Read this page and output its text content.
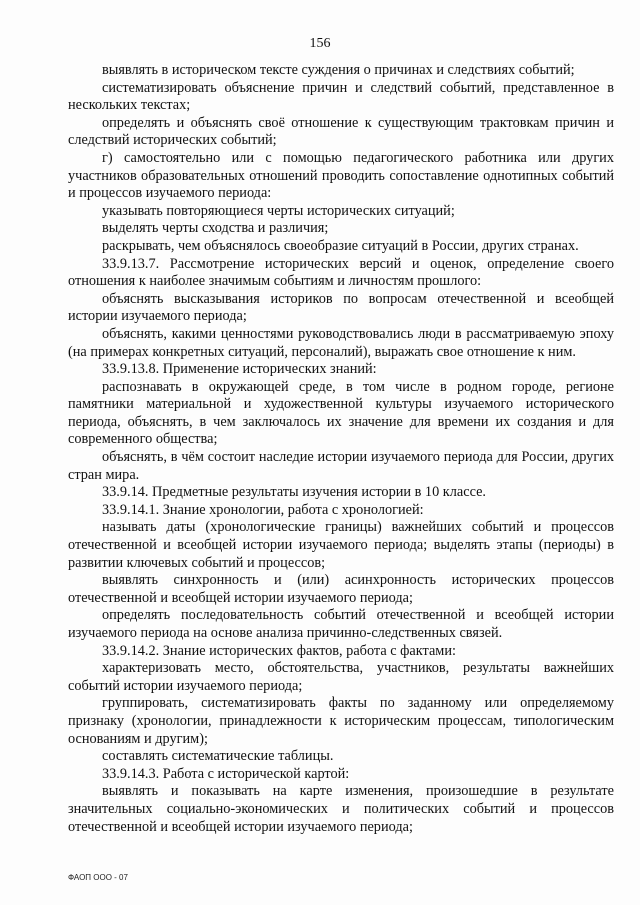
156

выявлять в историческом тексте суждения о причинах и следствиях событий;

систематизировать объяснение причин и следствий событий, представленное в нескольких текстах;

определять и объяснять своё отношение к существующим трактовкам причин и следствий исторических событий;

г) самостоятельно или с помощью педагогического работника или других участников образовательных отношений проводить сопоставление однотипных событий и процессов изучаемого периода:

указывать повторяющиеся черты исторических ситуаций;

выделять черты сходства и различия;

раскрывать, чем объяснялось своеобразие ситуаций в России, других странах.

33.9.13.7. Рассмотрение исторических версий и оценок, определение своего отношения к наиболее значимым событиям и личностям прошлого:

объяснять высказывания историков по вопросам отечественной и всеобщей истории изучаемого периода;

объяснять, какими ценностями руководствовались люди в рассматриваемую эпоху (на примерах конкретных ситуаций, персоналий), выражать свое отношение к ним.

33.9.13.8. Применение исторических знаний:

распознавать в окружающей среде, в том числе в родном городе, регионе памятники материальной и художественной культуры изучаемого исторического периода, объяснять, в чем заключалось их значение для времени их создания и для современного общества;

объяснять, в чём состоит наследие истории изучаемого периода для России, других стран мира.

33.9.14. Предметные результаты изучения истории в 10 классе.

33.9.14.1. Знание хронологии, работа с хронологией:

называть даты (хронологические границы) важнейших событий и процессов отечественной и всеобщей истории изучаемого периода; выделять этапы (периоды) в развитии ключевых событий и процессов;

выявлять синхронность и (или) асинхронность исторических процессов отечественной и всеобщей истории изучаемого периода;

определять последовательность событий отечественной и всеобщей истории изучаемого периода на основе анализа причинно-следственных связей.

33.9.14.2. Знание исторических фактов, работа с фактами:

характеризовать место, обстоятельства, участников, результаты важнейших событий истории изучаемого периода;

группировать, систематизировать факты по заданному или определяемому признаку (хронологии, принадлежности к историческим процессам, типологическим основаниям и другим);

составлять систематические таблицы.

33.9.14.3. Работа с исторической картой:

выявлять и показывать на карте изменения, произошедшие в результате значительных социально-экономических и политических событий и процессов отечественной и всеобщей истории изучаемого периода;

ФАОП ООО - 07
